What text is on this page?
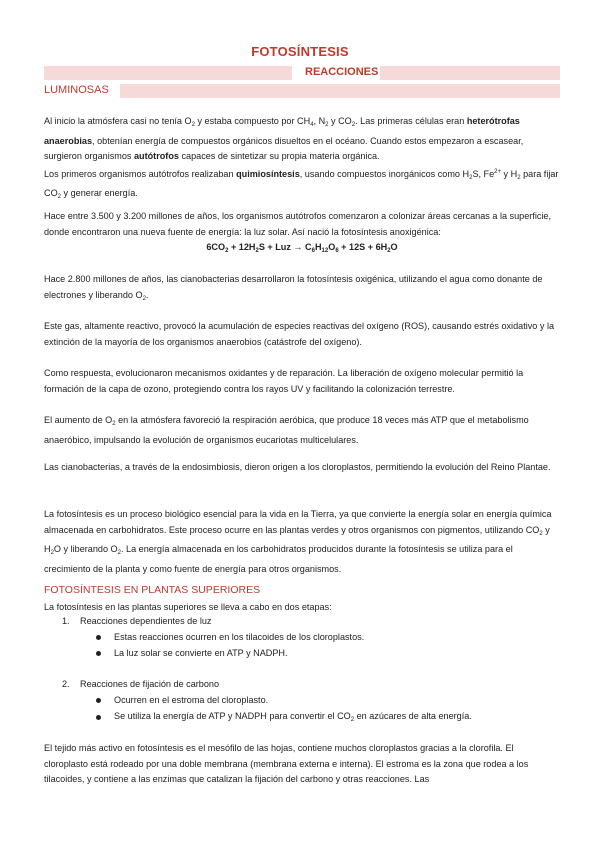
FOTOSÍNTESIS
REACCIONES
LUMINOSAS

Al inicio la atmósfera casi no tenía $O_2$ y estaba compuesto por $CH_4$, $N_2$ y $CO_2$. Las primeras células eran heterótrofas anaerobias, obtenían energía de compuestos orgánicos disueltos en el océano. Cuando estos empezaron a escasear, surgieron organismos autótrofos capaces de sintetizar su propia materia orgánica.

Los primeros organismos autótrofos realizaban quimiosíntesis, usando compuestos inorgánicos como $H_2S$, $Fe^{2+}$ y $H_2$ para fijar $CO_2$ y generar energía.

Hace entre 3.500 y 3.200 millones de años, los organismos autótrofos comenzaron a colonizar áreas cercanas a la superficie, donde encontraron una nueva fuente de energía: la luz solar. Así nació la fotosíntesis anoxigénica:

$6CO_2 + 12H_2S$ + Luz → $C_6H_{12}O_6 + 12S + 6H_2O$

Hace 2.800 millones de años, las cianobacterias desarrollaron la fotosíntesis oxigénica, utilizando el agua como donante de electrones y liberando $O_2$.

Este gas, altamente reactivo, provocó la acumulación de especies reactivas del oxígeno (ROS), causando estrés oxidativo y la extinción de la mayoría de los organismos anaerobios (catástrofe del oxígeno).

Como respuesta, evolucionaron mecanismos oxidantes y de reparación. La liberación de oxígeno molecular permitió la formación de la capa de ozono, protegiendo contra los rayos UV y facilitando la colonización terrestre.

El aumento de $O_2$ en la atmósfera favoreció la respiración aeróbica, que produce 18 veces más ATP que el metabolismo anaeróbico, impulsando la evolución de organismos eucariotas multicelulares.

Las cianobacterias, a través de la endosimbiosis, dieron origen a los cloroplastos, permitiendo la evolución del Reino Plantae.

La fotosíntesis es un proceso biológico esencial para la vida en la Tierra, ya que convierte la energía solar en energía química almacenada en carbohidratos. Este proceso ocurre en las plantas verdes y otros organismos con pigmentos, utilizando $CO_2$ y $H_2O$ y liberando $O_2$. La energía almacenada en los carbohidratos producidos durante la fotosíntesis se utiliza para el crecimiento de la planta y como fuente de energía para otros organismos.

FOTOSÍNTESIS EN PLANTAS SUPERIORES
La fotosíntesis en las plantas superiores se lleva a cabo en dos etapas:
1. Reacciones dependientes de luz
Estas reacciones ocurren en los tilacoides de los cloroplastos.
La luz solar se convierte en ATP y NADPH.
2. Reacciones de fijación de carbono
Ocurren en el estroma del cloroplasto.
Se utiliza la energía de ATP y NADPH para convertir el $CO_2$ en azúcares de alta energía.

El tejido más activo en fotosíntesis es el mesófilo de las hojas, contiene muchos cloroplastos gracias a la clorofila. El cloroplasto está rodeado por una doble membrana (membrana externa e interna). El estroma es la zona que rodea a los tilacoides, y contiene a las enzimas que catalizan la fijación del carbono y otras reacciones. Las
